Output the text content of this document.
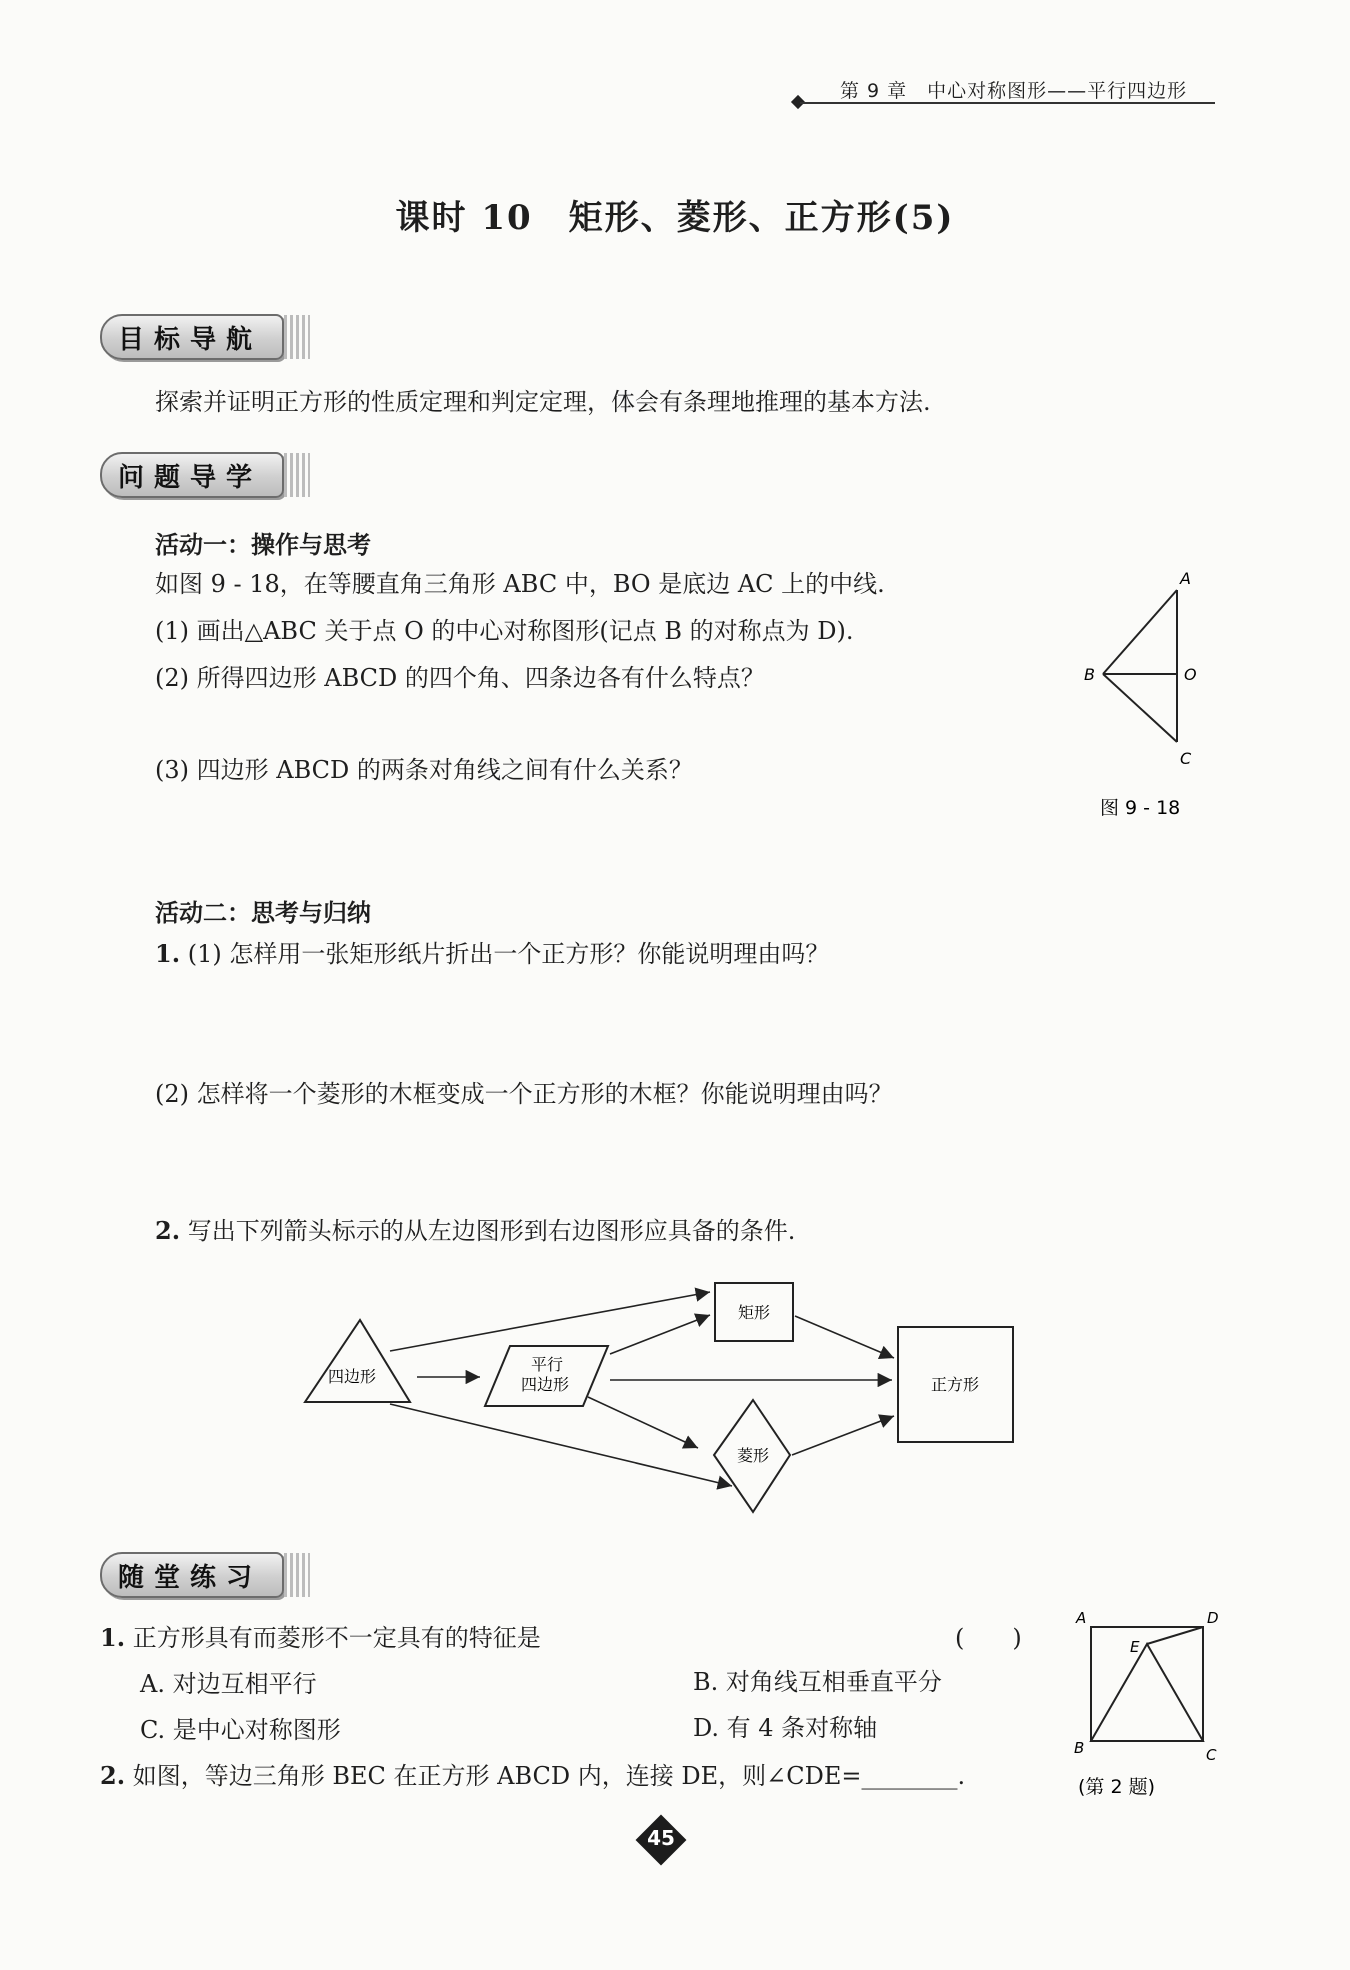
第 9 章　中心对称图形——平行四边形
课时 10　矩形、菱形、正方形(5)
目标导航
探索并证明正方形的性质定理和判定定理，体会有条理地推理的基本方法.
问题导学
活动一：操作与思考
如图 9 - 18，在等腰直角三角形 ABC 中，BO 是底边 AC 上的中线.
(1) 画出△ABC 关于点 O 的中心对称图形(记点 B 的对称点为 D).
(2) 所得四边形 ABCD 的四个角、四条边各有什么特点？
(3) 四边形 ABCD 的两条对角线之间有什么关系？
A
B	O
C
图 9 - 18
活动二：思考与归纳
1. (1) 怎样用一张矩形纸片折出一个正方形？你能说明理由吗？
(2) 怎样将一个菱形的木框变成一个正方形的木框？你能说明理由吗？
2. 写出下列箭头标示的从左边图形到右边图形应具备的条件.
四边形
平行
四边形
矩形
菱形
正方形
随堂练习
1. 正方形具有而菱形不一定具有的特征是	(　　)
A. 对边互相平行	B. 对角线互相垂直平分
C. 是中心对称图形	D. 有 4 条对称轴
2. 如图，等边三角形 BEC 在正方形 ABCD 内，连接 DE，则∠CDE=________.
A	D
E
B	C
(第 2 题)
45
